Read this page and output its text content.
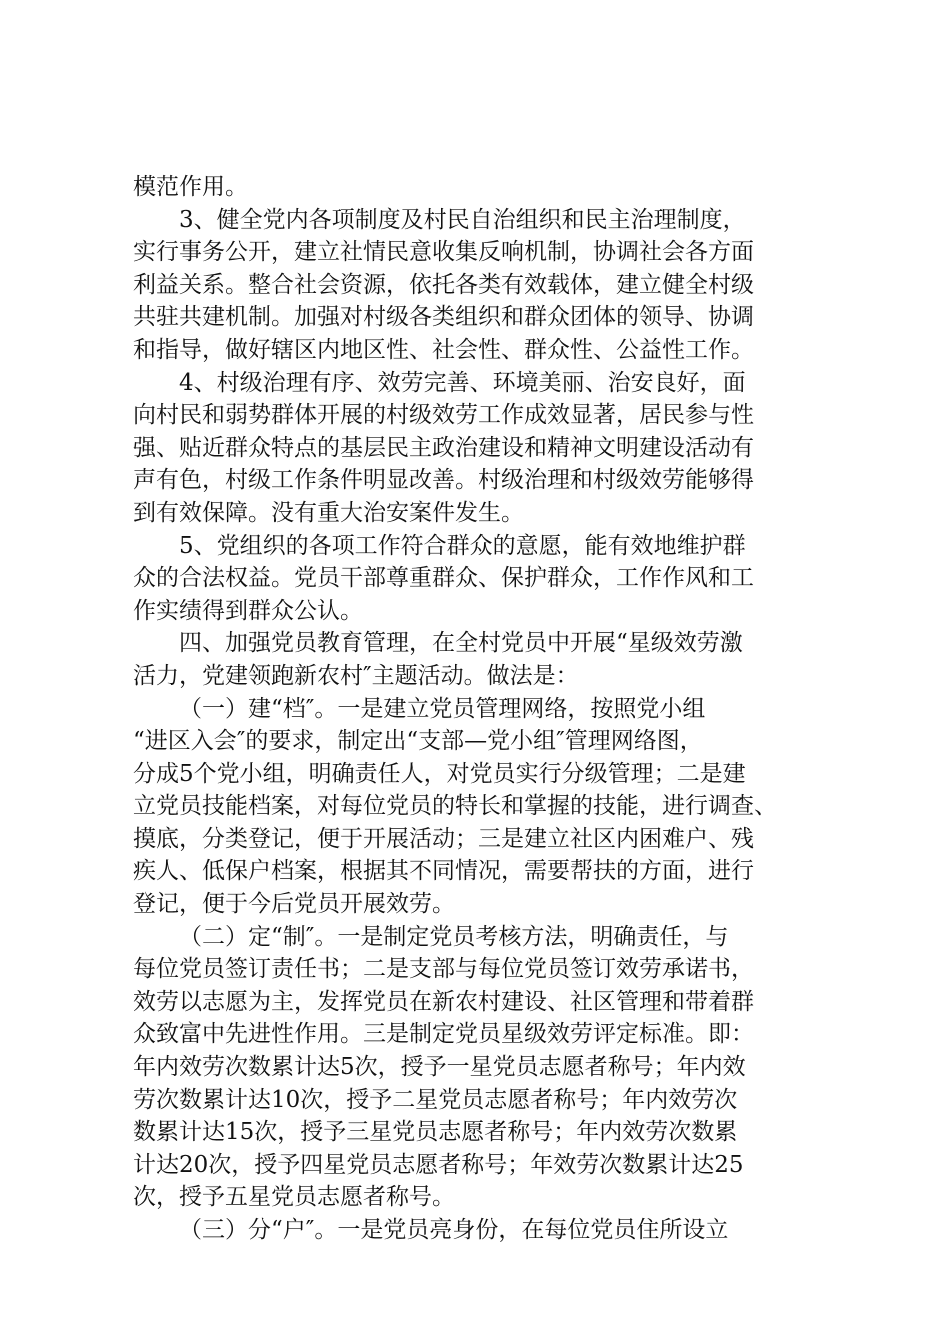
模范作用。
3、健全党内各项制度及村民自治组织和民主治理制度，
实行事务公开，建立社情民意收集反响机制，协调社会各方面
利益关系。整合社会资源，依托各类有效载体，建立健全村级
共驻共建机制。加强对村级各类组织和群众团体的领导、协调
和指导，做好辖区内地区性、社会性、群众性、公益性工作。
4、村级治理有序、效劳完善、环境美丽、治安良好，面
向村民和弱势群体开展的村级效劳工作成效显著，居民参与性
强、贴近群众特点的基层民主政治建设和精神文明建设活动有
声有色，村级工作条件明显改善。村级治理和村级效劳能够得
到有效保障。没有重大治安案件发生。
5、党组织的各项工作符合群众的意愿，能有效地维护群
众的合法权益。党员干部尊重群众、保护群众，工作作风和工
作实绩得到群众公认。
四、加强党员教育管理，在全村党员中开展“星级效劳激
活力，党建领跑新农村″主题活动。做法是：
（一）建“档″。一是建立党员管理网络，按照党小组
“进区入会″的要求，制定出“支部—党小组″管理网络图，
分成5个党小组，明确责任人，对党员实行分级管理；二是建
立党员技能档案，对每位党员的特长和掌握的技能，进行调查、
摸底，分类登记，便于开展活动；三是建立社区内困难户、残
疾人、低保户档案，根据其不同情况，需要帮扶的方面，进行
登记，便于今后党员开展效劳。
（二）定“制″。一是制定党员考核方法，明确责任，与
每位党员签订责任书；二是支部与每位党员签订效劳承诺书，
效劳以志愿为主，发挥党员在新农村建设、社区管理和带着群
众致富中先进性作用。三是制定党员星级效劳评定标准。即：
年内效劳次数累计达5次，授予一星党员志愿者称号；年内效
劳次数累计达10次，授予二星党员志愿者称号；年内效劳次
数累计达15次，授予三星党员志愿者称号；年内效劳次数累
计达20次，授予四星党员志愿者称号；年效劳次数累计达25
次，授予五星党员志愿者称号。
（三）分“户″。一是党员亮身份，在每位党员住所设立
